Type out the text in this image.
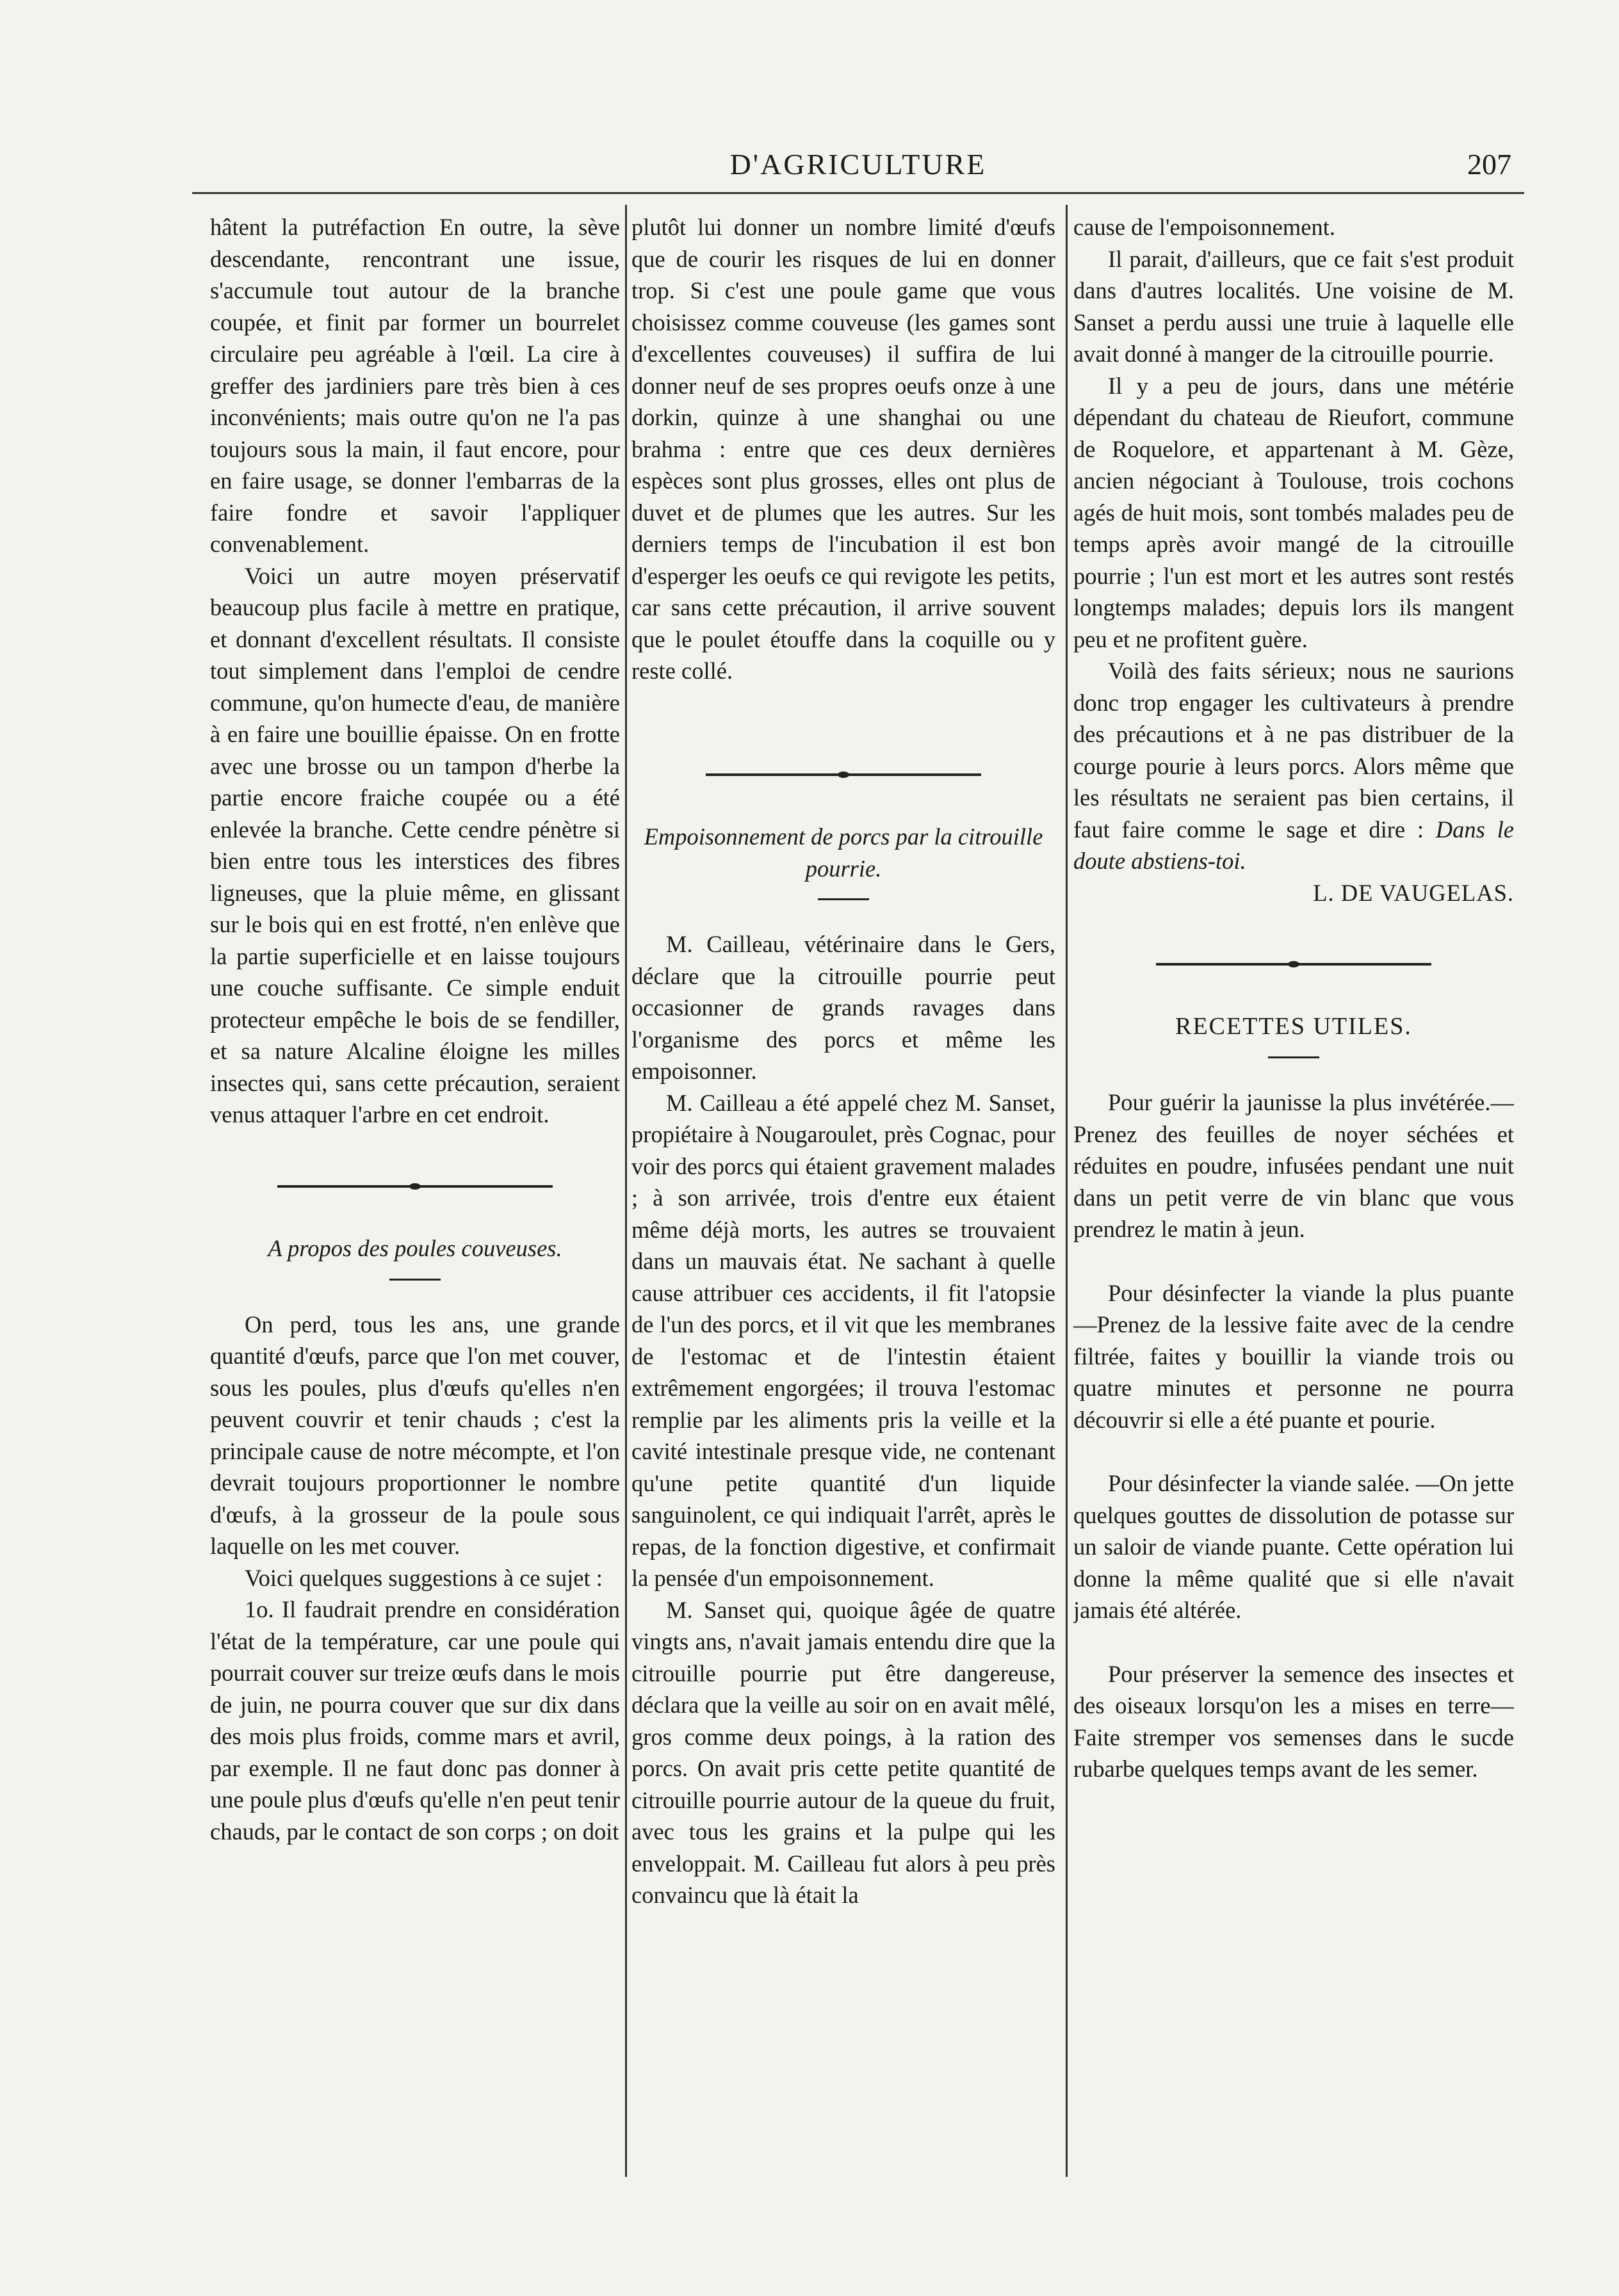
D'AGRICULTURE	207

hâtent la putréfaction En outre, la sève descendante, rencontrant une issue, s'accumule tout autour de la branche coupée, et finit par former un bourrelet circulaire peu agréable à l'œil. La cire à greffer des jardiniers pare très bien à ces inconvénients; mais outre qu'on ne l'a pas toujours sous la main, il faut encore, pour en faire usage, se donner l'embarras de la faire fondre et savoir l'appliquer convenablement.

Voici un autre moyen préservatif beaucoup plus facile à mettre en pratique, et donnant d'excellent résultats. Il consiste tout simplement dans l'emploi de cendre commune, qu'on humecte d'eau, de manière à en faire une bouillie épaisse. On en frotte avec une brosse ou un tampon d'herbe la partie encore fraiche coupée ou a été enlevée la branche. Cette cendre pénètre si bien entre tous les interstices des fibres ligneuses, que la pluie même, en glissant sur le bois qui en est frotté, n'en enlève que la partie superficielle et en laisse toujours une couche suffisante. Ce simple enduit protecteur empêche le bois de se fendiller, et sa nature Alcaline éloigne les milles insectes qui, sans cette précaution, seraient venus attaquer l'arbre en cet endroit.

A propos des poules couveuses.

On perd, tous les ans, une grande quantité d'œufs, parce que l'on met couver, sous les poules, plus d'œufs qu'elles n'en peuvent couvrir et tenir chauds ; c'est la principale cause de notre mécompte, et l'on devrait toujours proportionner le nombre d'œufs, à la grosseur de la poule sous laquelle on les met couver.

Voici quelques suggestions à ce sujet :

1o. Il faudrait prendre en considération l'état de la température, car une poule qui pourrait couver sur treize œufs dans le mois de juin, ne pourra couver que sur dix dans des mois plus froids, comme mars et avril, par exemple. Il ne faut donc pas donner à une poule plus d'œufs qu'elle n'en peut tenir chauds, par le contact de son corps ; on doit

plutôt lui donner un nombre limité d'œufs que de courir les risques de lui en donner trop. Si c'est une poule game que vous choisissez comme couveuse (les games sont d'excellentes couveuses) il suffira de lui donner neuf de ses propres oeufs onze à une dorkin, quinze à une shanghai ou une brahma : entre que ces deux dernières espèces sont plus grosses, elles ont plus de duvet et de plumes que les autres. Sur les derniers temps de l'incubation il est bon d'esperger les oeufs ce qui revigote les petits, car sans cette précaution, il arrive souvent que le poulet étouffe dans la coquille ou y reste collé.

Empoisonnement de porcs par la citrouille pourrie.

M. Cailleau, vétérinaire dans le Gers, déclare que la citrouille pourrie peut occasionner de grands ravages dans l'organisme des porcs et même les empoisonner.

M. Cailleau a été appelé chez M. Sanset, propiétaire à Nougaroulet, près Cognac, pour voir des porcs qui étaient gravement malades ; à son arrivée, trois d'entre eux étaient même déjà morts, les autres se trouvaient dans un mauvais état. Ne sachant à quelle cause attribuer ces accidents, il fit l'atopsie de l'un des porcs, et il vit que les membranes de l'estomac et de l'intestin étaient extrêmement engorgées; il trouva l'estomac remplie par les aliments pris la veille et la cavité intestinale presque vide, ne contenant qu'une petite quantité d'un liquide sanguinolent, ce qui indiquait l'arrêt, après le repas, de la fonction digestive, et confirmait la pensée d'un empoisonnement.

M. Sanset qui, quoique âgée de quatre vingts ans, n'avait jamais entendu dire que la citrouille pourrie put être dangereuse, déclara que la veille au soir on en avait mêlé, gros comme deux poings, à la ration des porcs. On avait pris cette petite quantité de citrouille pourrie autour de la queue du fruit, avec tous les grains et la pulpe qui les enveloppait. M. Cailleau fut alors à peu près convaincu que là était la

cause de l'empoisonnement.

Il parait, d'ailleurs, que ce fait s'est produit dans d'autres localités. Une voisine de M. Sanset a perdu aussi une truie à laquelle elle avait donné à manger de la citrouille pourrie.

Il y a peu de jours, dans une métérie dépendant du chateau de Rieufort, commune de Roquelore, et appartenant à M. Gèze, ancien négociant à Toulouse, trois cochons agés de huit mois, sont tombés malades peu de temps après avoir mangé de la citrouille pourrie ; l'un est mort et les autres sont restés longtemps malades; depuis lors ils mangent peu et ne profitent guère.

Voilà des faits sérieux; nous ne saurions donc trop engager les cultivateurs à prendre des précautions et à ne pas distribuer de la courge pourie à leurs porcs. Alors même que les résultats ne seraient pas bien certains, il faut faire comme le sage et dire : Dans le doute abstiens-toi.

L. DE VAUGELAS.

RECETTES UTILES.

Pour guérir la jaunisse la plus invétérée.—Prenez des feuilles de noyer séchées et réduites en poudre, infusées pendant une nuit dans un petit verre de vin blanc que vous prendrez le matin à jeun.

Pour désinfecter la viande la plus puante —Prenez de la lessive faite avec de la cendre filtrée, faites y bouillir la viande trois ou quatre minutes et personne ne pourra découvrir si elle a été puante et pourie.

Pour désinfecter la viande salée. —On jette quelques gouttes de dissolution de potasse sur un saloir de viande puante. Cette opération lui donne la même qualité que si elle n'avait jamais été altérée.

Pour préserver la semence des insectes et des oiseaux lorsqu'on les a mises en terre—Faite stremper vos semenses dans le sucde rubarbe quelques temps avant de les semer.
